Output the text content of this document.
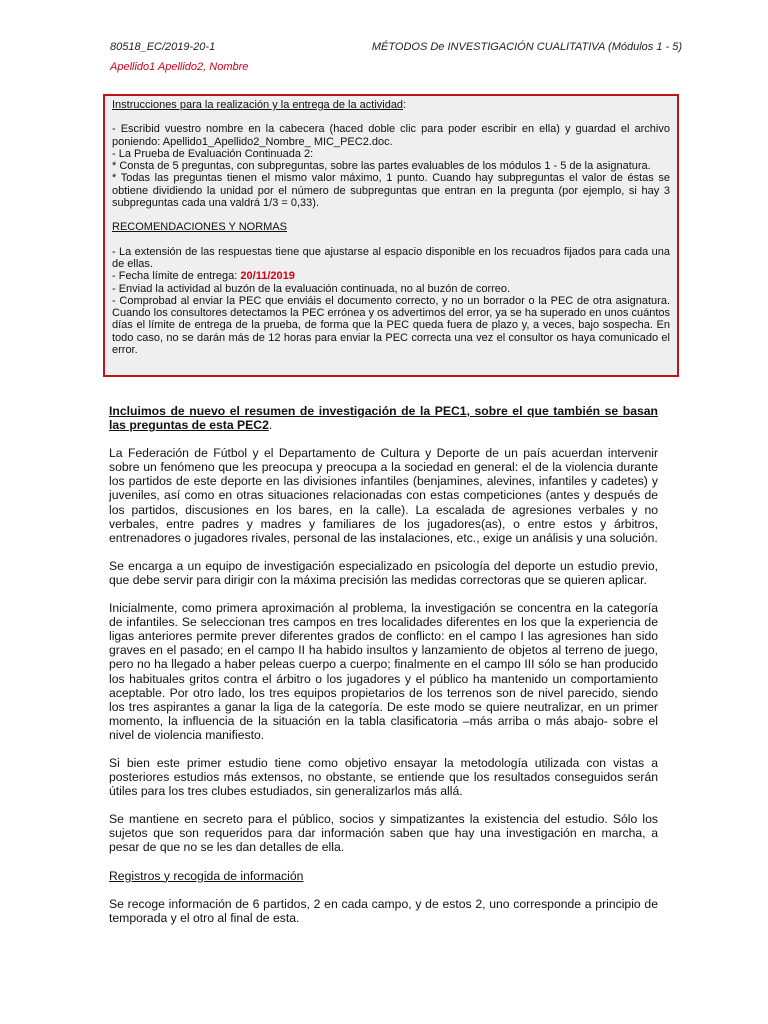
80518_EC/2019-20-1	MÉTODOS De INVESTIGACIÓN CUALITATIVA (Módulos 1 - 5)
Apellido1 Apellido2, Nombre

Instrucciones para la realización y la entrega de la actividad:

- Escribid vuestro nombre en la cabecera (haced doble clic para poder escribir en ella) y guardad el archivo poniendo: Apellido1_Apellido2_Nombre_ MIC_PEC2.doc.

- La Prueba de Evaluación Continuada 2:

* Consta de 5 preguntas, con subpreguntas, sobre las partes evaluables de los módulos 1 - 5 de la asignatura.

* Todas las preguntas tienen el mismo valor máximo, 1 punto. Cuando hay subpreguntas el valor de éstas se obtiene dividiendo la unidad por el número de subpreguntas que entran en la pregunta (por ejemplo, si hay 3 subpreguntas cada una valdrá 1/3 = 0,33).

RECOMENDACIONES Y NORMAS

- La extensión de las respuestas tiene que ajustarse al espacio disponible en los recuadros fijados para cada una de ellas.

- Fecha límite de entrega: 20/11/2019

- Enviad la actividad al buzón de la evaluación continuada, no al buzón de correo.

- Comprobad al enviar la PEC que enviáis el documento correcto, y no un borrador o la PEC de otra asignatura. Cuando los consultores detectamos la PEC errónea y os advertimos del error, ya se ha superado en unos cuántos días el límite de entrega de la prueba, de forma que la PEC queda fuera de plazo y, a veces, bajo sospecha. En todo caso, no se darán más de 12 horas para enviar la PEC correcta una vez el consultor os haya comunicado el error.

Incluimos de nuevo el resumen de investigación de la PEC1, sobre el que también se basan las preguntas de esta PEC2.

La Federación de Fútbol y el Departamento de Cultura y Deporte de un país acuerdan intervenir sobre un fenómeno que les preocupa y preocupa a la sociedad en general: el de la violencia durante los partidos de este deporte en las divisiones infantiles (benjamines, alevines, infantiles y cadetes) y juveniles, así como en otras situaciones relacionadas con estas competiciones (antes y después de los partidos, discusiones en los bares, en la calle). La escalada de agresiones verbales y no verbales, entre padres y madres y familiares de los jugadores(as), o entre estos y árbitros, entrenadores o jugadores rivales, personal de las instalaciones, etc., exige un análisis y una solución.

Se encarga a un equipo de investigación especializado en psicología del deporte un estudio previo, que debe servir para dirigir con la máxima precisión las medidas correctoras que se quieren aplicar.

Inicialmente, como primera aproximación al problema, la investigación se concentra en la categoría de infantiles. Se seleccionan tres campos en tres localidades diferentes en los que la experiencia de ligas anteriores permite prever diferentes grados de conflicto: en el campo I las agresiones han sido graves en el pasado; en el campo II ha habido insultos y lanzamiento de objetos al terreno de juego, pero no ha llegado a haber peleas cuerpo a cuerpo; finalmente en el campo III sólo se han producido los habituales gritos contra el árbitro o los jugadores y el público ha mantenido un comportamiento aceptable. Por otro lado, los tres equipos propietarios de los terrenos son de nivel parecido, siendo los tres aspirantes a ganar la liga de la categoría. De este modo se quiere neutralizar, en un primer momento, la influencia de la situación en la tabla clasificatoria –más arriba o más abajo- sobre el nivel de violencia manifiesto.

Si bien este primer estudio tiene como objetivo ensayar la metodología utilizada con vistas a posteriores estudios más extensos, no obstante, se entiende que los resultados conseguidos serán útiles para los tres clubes estudiados, sin generalizarlos más allá.

Se mantiene en secreto para el público, socios y simpatizantes la existencia del estudio. Sólo los sujetos que son requeridos para dar información saben que hay una investigación en marcha, a pesar de que no se les dan detalles de ella.

Registros y recogida de información

Se recoge información de 6 partidos, 2 en cada campo, y de estos 2, uno corresponde a principio de temporada y el otro al final de esta.
